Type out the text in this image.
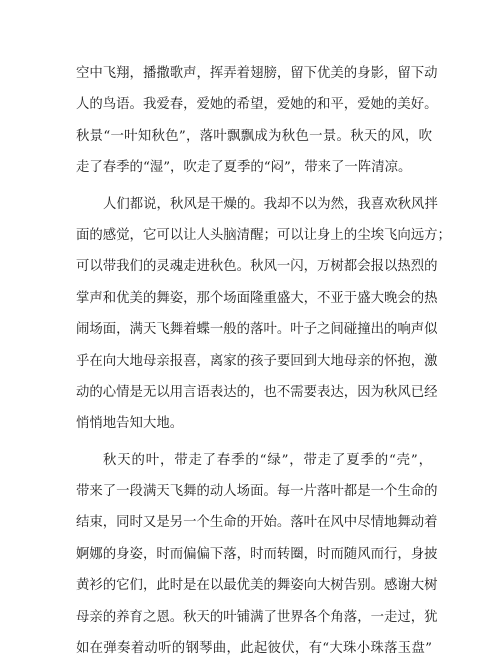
空中飞翔，播撒歌声，挥弄着翅膀，留下优美的身影，留下动
人的鸟语。我爱春，爱她的希望，爱她的和平，爱她的美好。
秋景“一叶知秋色”，落叶飘飘成为秋色一景。秋天的风，吹
走了春季的“湿”，吹走了夏季的“闷”，带来了一阵清凉。
人们都说，秋风是干燥的。我却不以为然，我喜欢秋风拌
面的感觉，它可以让人头脑清醒；可以让身上的尘埃飞向远方；
可以带我们的灵魂走进秋色。秋风一闪，万树都会报以热烈的
掌声和优美的舞姿，那个场面隆重盛大，不亚于盛大晚会的热
闹场面，满天飞舞着蝶一般的落叶。叶子之间碰撞出的响声似
乎在向大地母亲报喜，离家的孩子要回到大地母亲的怀抱，激
动的心情是无以用言语表达的，也不需要表达，因为秋风已经
悄悄地告知大地。
秋天的叶，带走了春季的“绿”，带走了夏季的“壳”，
带来了一段满天飞舞的动人场面。每一片落叶都是一个生命的
结束，同时又是另一个生命的开始。落叶在风中尽情地舞动着
婀娜的身姿，时而偏偏下落，时而转圈，时而随风而行，身披
黄衫的它们，此时是在以最优美的舞姿向大树告别。感谢大树
母亲的养育之恩。秋天的叶铺满了世界各个角落，一走过，犹
如在弹奏着动听的钢琴曲，此起彼伏，有“大珠小珠落玉盘”
